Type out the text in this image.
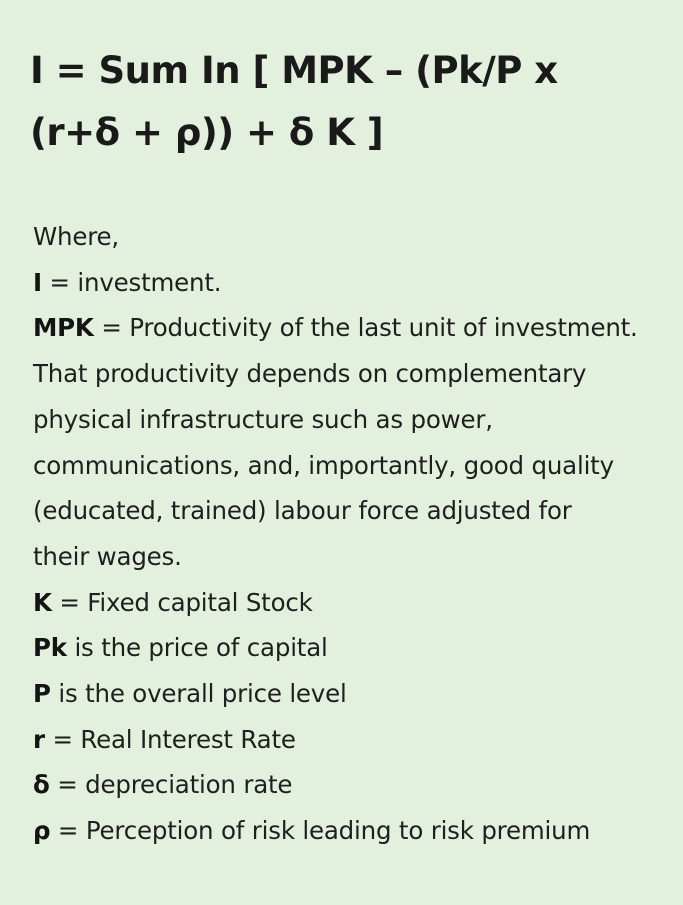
I = Sum In [ MPK – (Pk/P x
(r+δ + ρ)) + δ K ]
Where,
I = investment.
MPK = Productivity of the last unit of investment.
That productivity depends on complementary
physical infrastructure such as power,
communications, and, importantly, good quality
(educated, trained) labour force adjusted for
their wages.
K = Fixed capital Stock
Pk is the price of capital
P is the overall price level
r = Real Interest Rate
δ = depreciation rate
ρ = Perception of risk leading to risk premium
